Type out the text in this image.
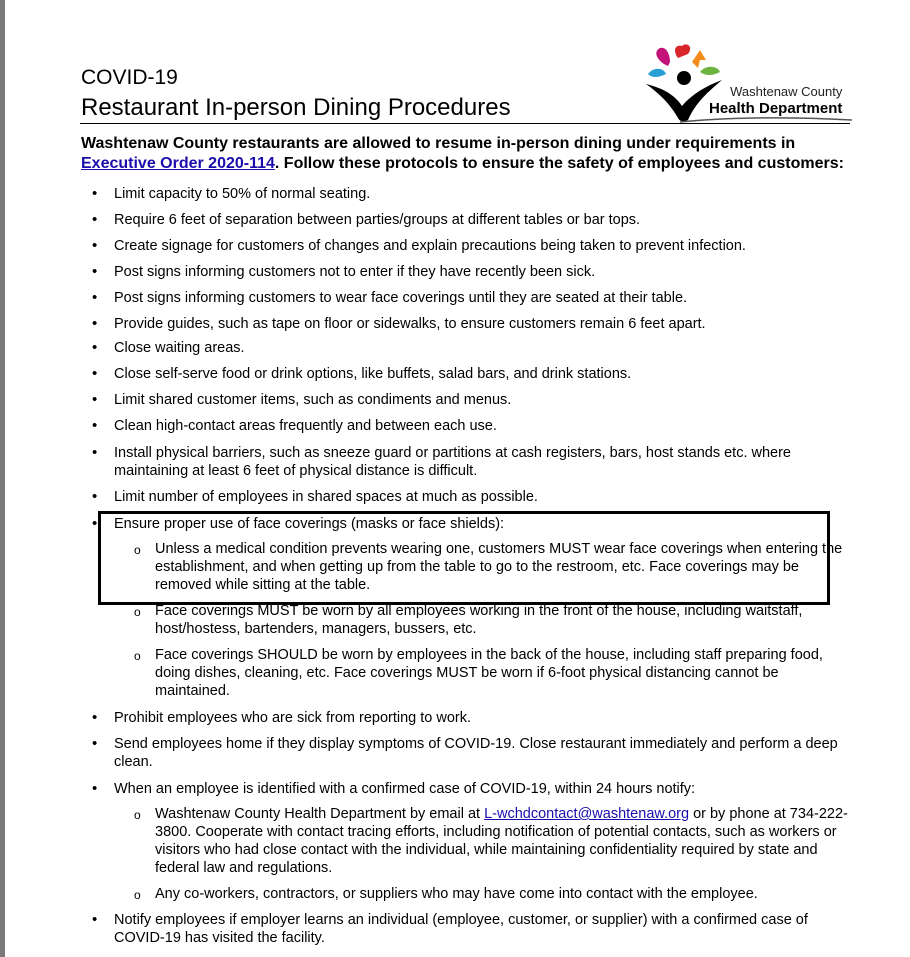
COVID-19
Restaurant In-person Dining Procedures
Washtenaw County
Health Department
Washtenaw County restaurants are allowed to resume in-person dining under requirements in Executive Order 2020-114. Follow these protocols to ensure the safety of employees and customers:
• Limit capacity to 50% of normal seating.
• Require 6 feet of separation between parties/groups at different tables or bar tops.
• Create signage for customers of changes and explain precautions being taken to prevent infection.
• Post signs informing customers not to enter if they have recently been sick.
• Post signs informing customers to wear face coverings until they are seated at their table.
• Provide guides, such as tape on floor or sidewalks, to ensure customers remain 6 feet apart.
• Close waiting areas.
• Close self-serve food or drink options, like buffets, salad bars, and drink stations.
• Limit shared customer items, such as condiments and menus.
• Clean high-contact areas frequently and between each use.
• Install physical barriers, such as sneeze guard or partitions at cash registers, bars, host stands etc. where maintaining at least 6 feet of physical distance is difficult.
• Limit number of employees in shared spaces at much as possible.
• Ensure proper use of face coverings (masks or face shields):
o Unless a medical condition prevents wearing one, customers MUST wear face coverings when entering the establishment, and when getting up from the table to go to the restroom, etc. Face coverings may be removed while sitting at the table.
o Face coverings MUST be worn by all employees working in the front of the house, including waitstaff, host/hostess, bartenders, managers, bussers, etc.
o Face coverings SHOULD be worn by employees in the back of the house, including staff preparing food, doing dishes, cleaning, etc. Face coverings MUST be worn if 6-foot physical distancing cannot be maintained.
• Prohibit employees who are sick from reporting to work.
• Send employees home if they display symptoms of COVID-19. Close restaurant immediately and perform a deep clean.
• When an employee is identified with a confirmed case of COVID-19, within 24 hours notify:
o Washtenaw County Health Department by email at L-wchdcontact@washtenaw.org or by phone at 734-222-3800. Cooperate with contact tracing efforts, including notification of potential contacts, such as workers or visitors who had close contact with the individual, while maintaining confidentiality required by state and federal law and regulations.
o Any co-workers, contractors, or suppliers who may have come into contact with the employee.
• Notify employees if employer learns an individual (employee, customer, or supplier) with a confirmed case of COVID-19 has visited the facility.
